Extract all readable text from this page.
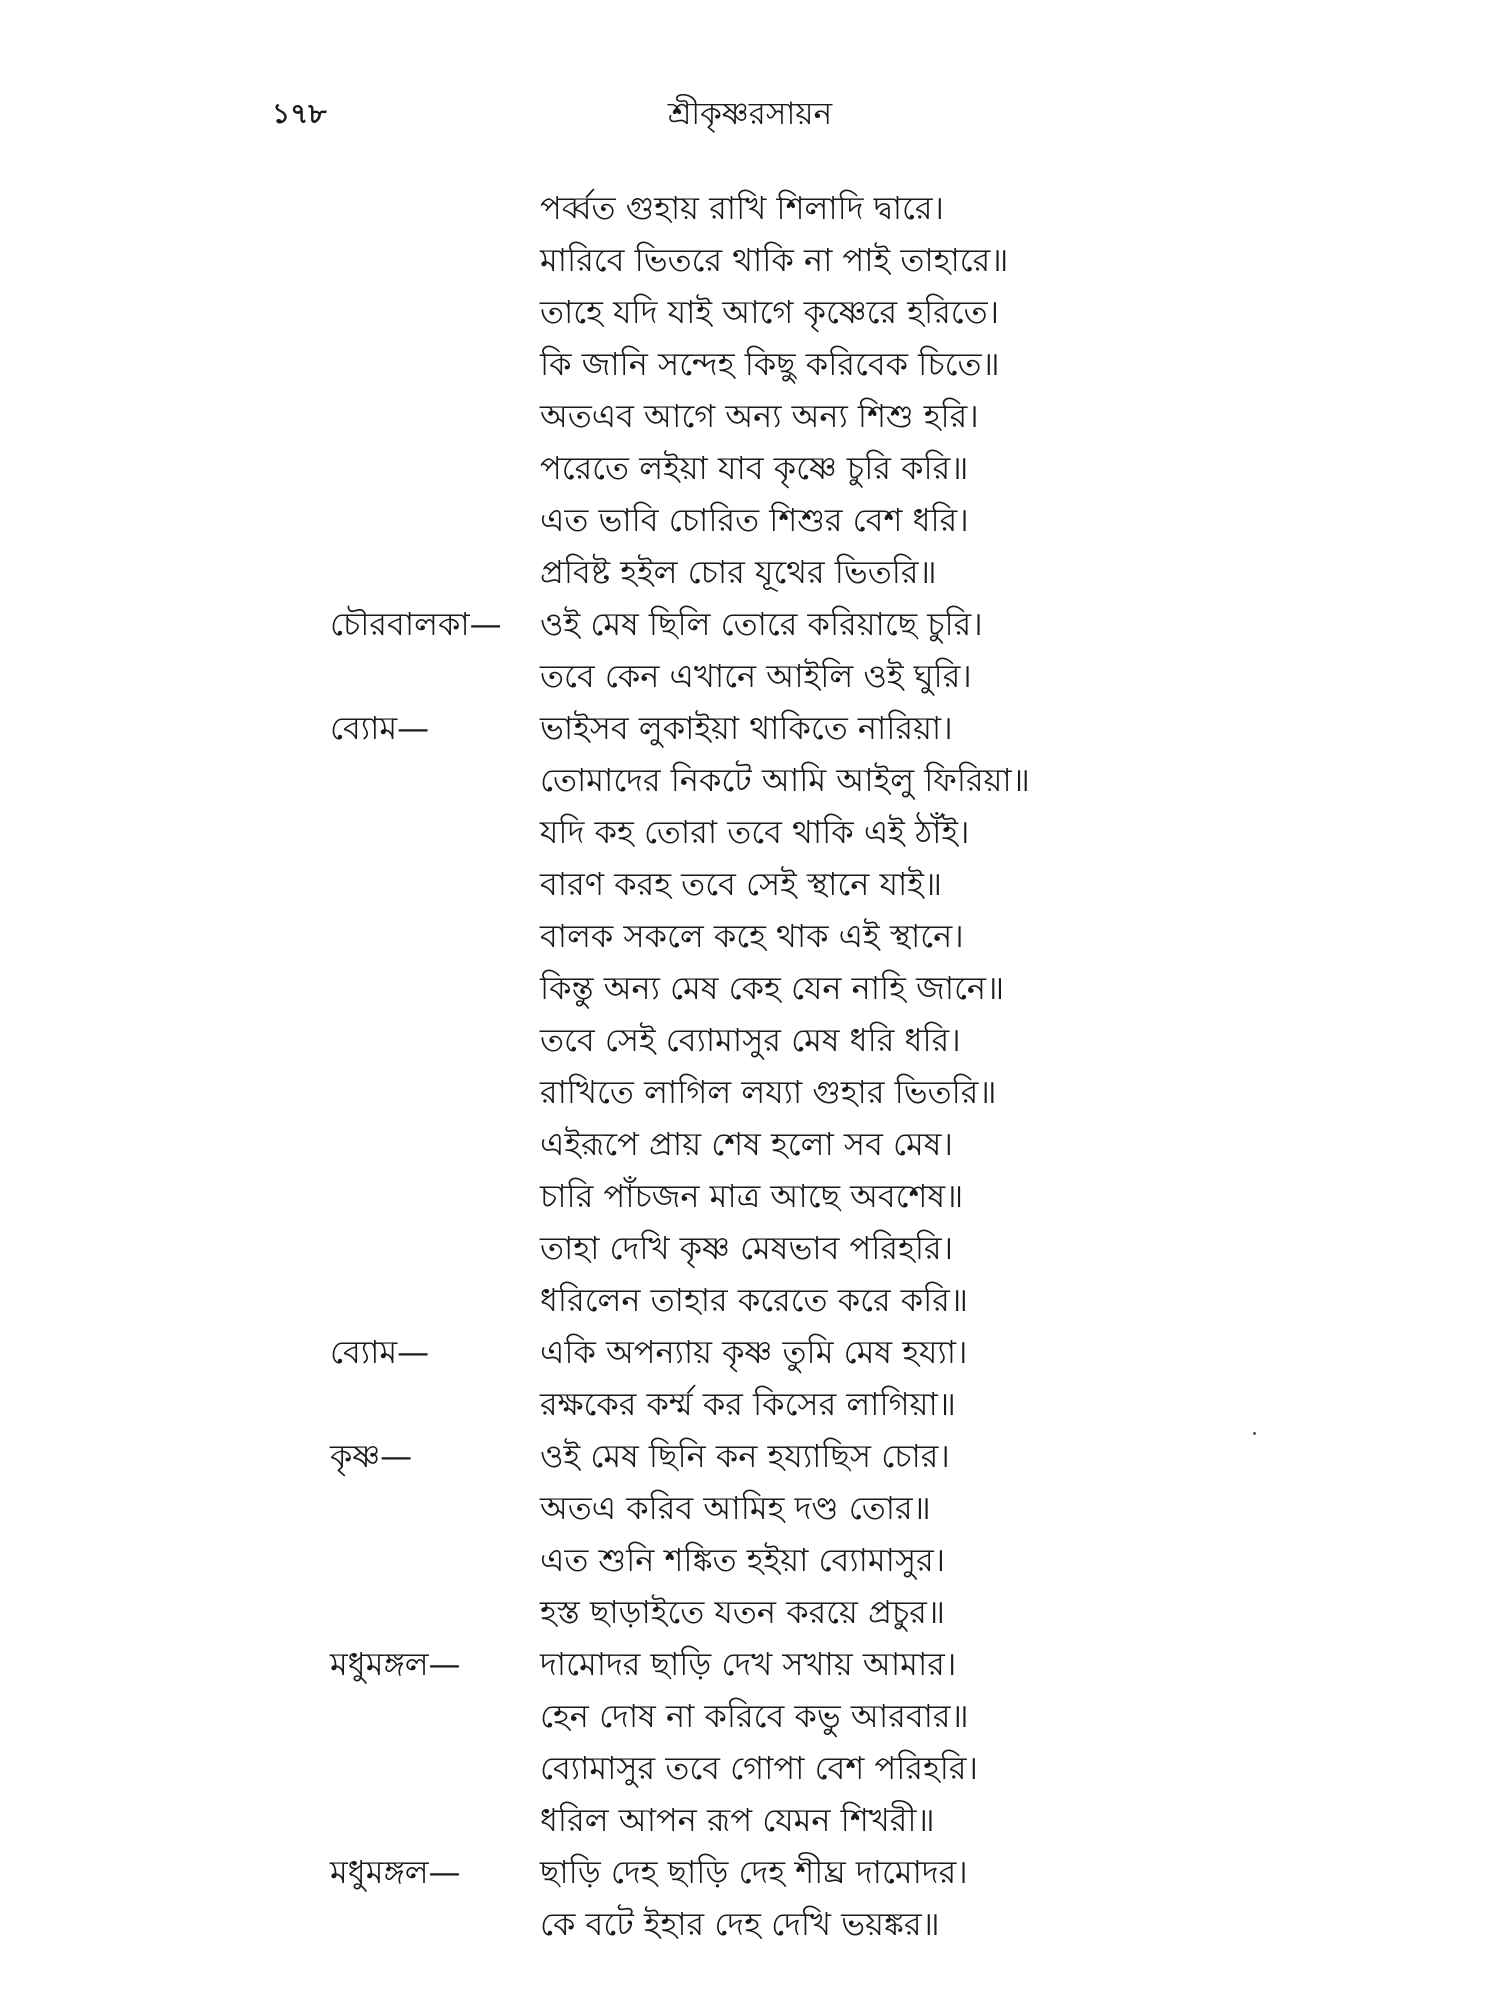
১৭৮	শ্রীকৃষ্ণরসায়ন
পর্ব্বত গুহায় রাখি শিলাদি দ্বারে।
মারিবে ভিতরে থাকি না পাই তাহারে॥
তাহে যদি যাই আগে কৃষ্ণেরে হরিতে।
কি জানি সন্দেহ কিছু করিবেক চিতে॥
অতএব আগে অন্য অন্য শিশু হরি।
পরেতে লইয়া যাব কৃষ্ণে চুরি করি॥
এত ভাবি চোরিত শিশুর বেশ ধরি।
প্রবিষ্ট হইল চোর যূথের ভিতরি॥
চৌরবালকা— ওই মেষ ছিলি তোরে করিয়াছে চুরি।
তবে কেন এখানে আইলি ওই ঘুরি।
ব্যোম—	ভাইসব লুকাইয়া থাকিতে নারিয়া।
তোমাদের নিকটে আমি আইলু ফিরিয়া॥
যদি কহ তোরা তবে থাকি এই ঠাঁই।
বারণ করহ তবে সেই স্থানে যাই॥
বালক সকলে কহে থাক এই স্থানে।
কিন্তু অন্য মেষ কেহ যেন নাহি জানে॥
তবে সেই ব্যোমাসুর মেষ ধরি ধরি।
রাখিতে লাগিল লয্যা গুহার ভিতরি॥
এইরূপে প্রায় শেষ হলো সব মেষ।
চারি পাঁচজন মাত্র আছে অবশেষ॥
তাহা দেখি কৃষ্ণ মেষভাব পরিহরি।
ধরিলেন তাহার করেতে করে করি॥
ব্যোম—	একি অপন্যায় কৃষ্ণ তুমি মেষ হয্যা।
রক্ষকের কর্ম্ম কর কিসের লাগিয়া॥
কৃষ্ণ—	ওই মেষ ছিনি কন হয্যাছিস চোর।
অতএ করিব আমিহ দণ্ড তোর॥
এত শুনি শঙ্কিত হইয়া ব্যোমাসুর।
হস্ত ছাড়াইতে যতন করয়ে প্রচুর॥
মধুমঙ্গল— দামোদর ছাড়ি দেখ সখায় আমার।
হেন দোষ না করিবে কভু আরবার॥
ব্যোমাসুর তবে গোপা বেশ পরিহরি।
ধরিল আপন রূপ যেমন শিখরী॥
মধুমঙ্গল— ছাড়ি দেহ ছাড়ি দেহ শীঘ্র দামোদর।
কে বটে ইহার দেহ দেখি ভয়ঙ্কর॥
